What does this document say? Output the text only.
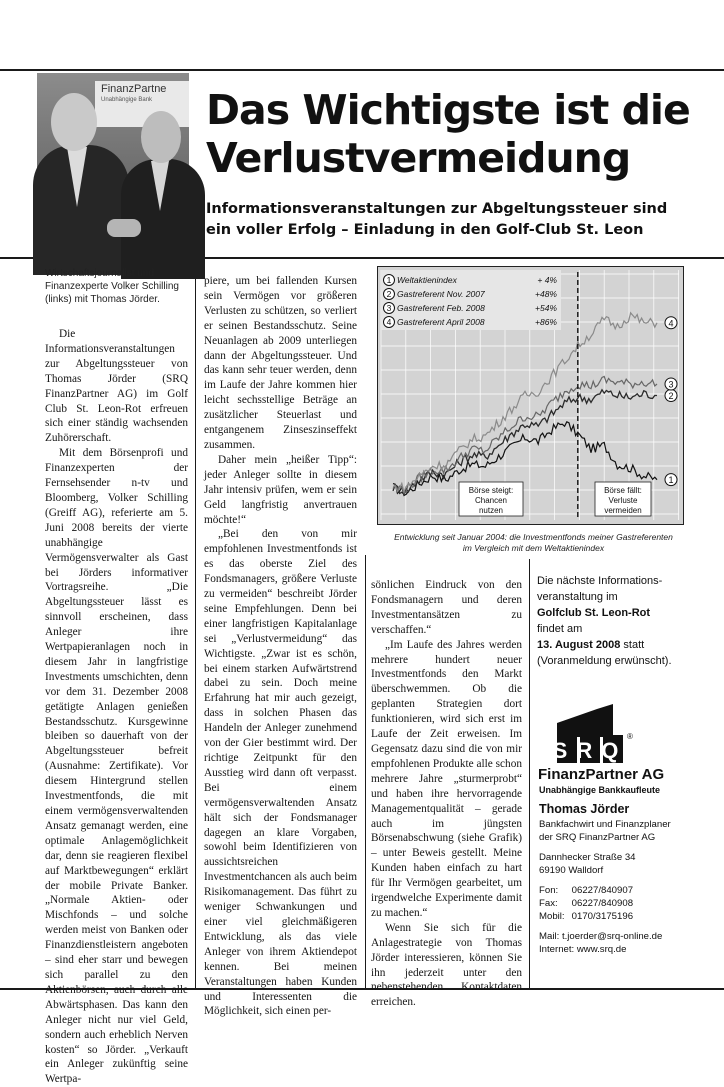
FinanzPartne
Unabhängige Bank Das Wichtigste ist die
Verlustvermeidung
Informationsveranstaltungen zur Abgeltungssteuer sind
ein voller Erfolg – Einladung in den Golf-Club St. Leon
Wirtschaftsjournalist und
Finanzexperte Volker Schilling
(links) mit Thomas Jörder.

Die Informationsveranstaltungen zur Abgeltungssteuer von Thomas Jörder (SRQ FinanzPartner AG) im Golf Club St. Leon-Rot erfreuen sich einer ständig wachsenden Zuhörerschaft.

Mit dem Börsenprofi und Finanzexperten der Fernsehsender n-tv und Bloomberg, Volker Schilling (Greiff AG), referierte am 5. Juni 2008 bereits der vierte unabhängige Vermögensverwalter als Gast bei Jörders informativer Vortragsreihe. „Die Abgeltungssteuer lässt es sinnvoll erscheinen, dass Anleger ihre Wertpapieranlagen noch in diesem Jahr in langfristige Investments umschichten, denn vor dem 31. Dezember 2008 getätigte Anlagen genießen Bestandsschutz. Kursgewinne bleiben so dauerhaft von der Abgeltungssteuer befreit (Ausnahme: Zertifikate). Vor diesem Hintergrund stellen Investmentfonds, die mit einem vermögensverwaltenden Ansatz gemanagt werden, eine optimale Anlagemöglichkeit dar, denn sie reagieren flexibel auf Marktbewegungen“ erklärt der mobile Private Banker. „Normale Aktien- oder Mischfonds – und solche werden meist von Banken oder Finanzdienstleistern angeboten – sind eher starr und bewegen sich parallel zu den Aktienbörsen, auch durch alle Abwärtsphasen. Das kann den Anleger nicht nur viel Geld, sondern auch erheblich Nerven kosten“ so Jörder. „Verkauft ein Anleger zukünftig seine Wertpa-

piere, um bei fallenden Kursen sein Vermögen vor größeren Verlusten zu schützen, so verliert er seinen Bestandsschutz. Seine Neuanlagen ab 2009 unterliegen dann der Abgeltungssteuer. Und das kann sehr teuer werden, denn im Laufe der Jahre kommen hier leicht sechsstellige Beträge an zusätzlicher Steuerlast und entgangenem Zinseszinseffekt zusammen.

Daher mein „heißer Tipp“: jeder Anleger sollte in diesem Jahr intensiv prüfen, wem er sein Geld langfristig anvertrauen möchte!“

„Bei den von mir empfohlenen Investmentfonds ist es das oberste Ziel des Fondsmanagers, größere Verluste zu vermeiden“ beschreibt Jörder seine Empfehlungen. Denn bei einer langfristigen Kapitalanlage sei „Verlustvermeidung“ das Wichtigste. „Zwar ist es schön, bei einem starken Aufwärtstrend dabei zu sein. Doch meine Erfahrung hat mir auch gezeigt, dass in solchen Phasen das Handeln der Anleger zunehmend von der Gier bestimmt wird. Der richtige Zeitpunkt für den Ausstieg wird dann oft verpasst. Bei einem vermögensverwaltenden Ansatz hält sich der Fondsmanager dagegen an klare Vorgaben, sowohl beim Identifizieren von aussichtsreichen Investmentchancen als auch beim Risikomanagement. Das führt zu weniger Schwankungen und einer viel gleichmäßigeren Entwicklung, als das viele Anleger von ihrem Aktiendepot kennen. Bei meinen Veranstaltungen haben Kunden und Interessenten die Möglichkeit, sich einen per-

1 Weltaktienindex	+ 4%
2 Gastreferent Nov. 2007	+48%
3 Gastreferent Feb. 2008	+54%
4 Gastreferent April 2008	+86%
Börse steigt:
Chancen
nutzen
Börse fällt:
Verluste
vermeiden
1
2
3
4
Entwicklung seit Januar 2004: die Investmentfonds meiner Gastreferenten
im Vergleich mit dem Weltaktienindex

sönlichen Eindruck von den Fondsmanagern und deren Investmentansätzen zu verschaffen.“

„Im Laufe des Jahres werden mehrere hundert neuer Investmentfonds den Markt überschwemmen. Ob die geplanten Strategien dort funktionieren, wird sich erst im Laufe der Zeit erweisen. Im Gegensatz dazu sind die von mir empfohlenen Produkte alle schon mehrere Jahre „sturmerprobt“ und haben ihre hervorragende Managementqualität – gerade auch im jüngsten Börsenabschwung (siehe Grafik) – unter Beweis gestellt. Meine Kunden haben einfach zu hart für Ihr Vermögen gearbeitet, um irgendwelche Experimente damit zu machen.“

Wenn Sie sich für die Anlagestrategie von Thomas Jörder interessieren, können Sie ihn jederzeit unter den nebenstehenden Kontaktdaten erreichen.

Die nächste Informations-
veranstaltung im
Golfclub St. Leon-Rot
findet am
13. August 2008 statt
(Voranmeldung erwünscht).
SRQ
®
FinanzPartner AG
Unabhängige Bankkaufleute
Thomas Jörder
Bankfachwirt und Finanzplaner
der SRQ FinanzPartner AG
Dannhecker Straße 34
69190 Walldorf
Fon: 06227/840907
Fax: 06227/840908
Mobil: 0170/3175196
Mail: t.joerder@srq-online.de
Internet: www.srq.de
